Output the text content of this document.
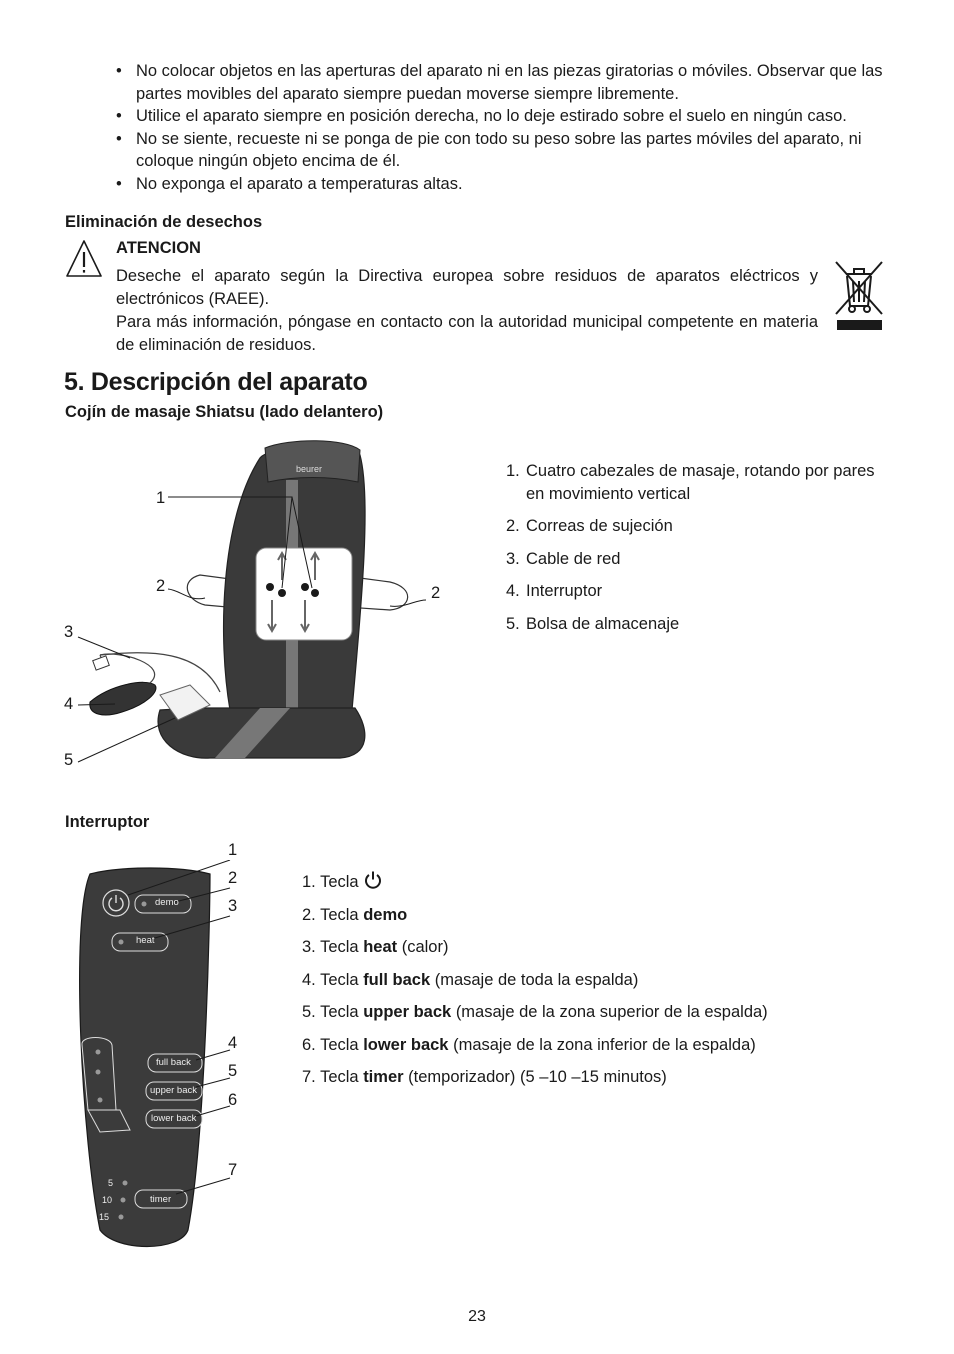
• No colocar objetos en las aperturas del aparato ni en las piezas giratorias o móviles. Observar que las partes movibles del aparato siempre puedan moverse siempre libremente.
• Utilice el aparato siempre en posición derecha, no lo deje estirado sobre el suelo en ningún caso.
• No se siente, recueste ni se ponga de pie con todo su peso sobre las partes móviles del aparato, ni coloque ningún objeto encima de él.
• No exponga el aparato a temperaturas altas.
Eliminación de desechos
ATENCION
Deseche el aparato según la Directiva europea sobre residuos de aparatos eléctricos y electrónicos (RAEE).
Para más información, póngase en contacto con la autoridad municipal competente en materia de eliminación de residuos.
5. Descripción del aparato
Cojín de masaje Shiatsu (lado delantero)
beurer
1
2	2
3
4
5
1. Cuatro cabezales de masaje, rotando por pares en movimiento vertical
2. Correas de sujeción
3. Cable de red
4. Interruptor
5. Bolsa de almacenaje
Interruptor
demo
heat
full back
upper back
lower back
timer
5
10
15
1
2
3
4
5
6
7
1. Tecla
2. Tecla demo
3. Tecla heat (calor)
4. Tecla full back (masaje de toda la espalda)
5. Tecla upper back (masaje de la zona superior de la espalda)
6. Tecla lower back (masaje de la zona inferior de la espalda)
7. Tecla timer (temporizador) (5 –10 –15 minutos)
23
